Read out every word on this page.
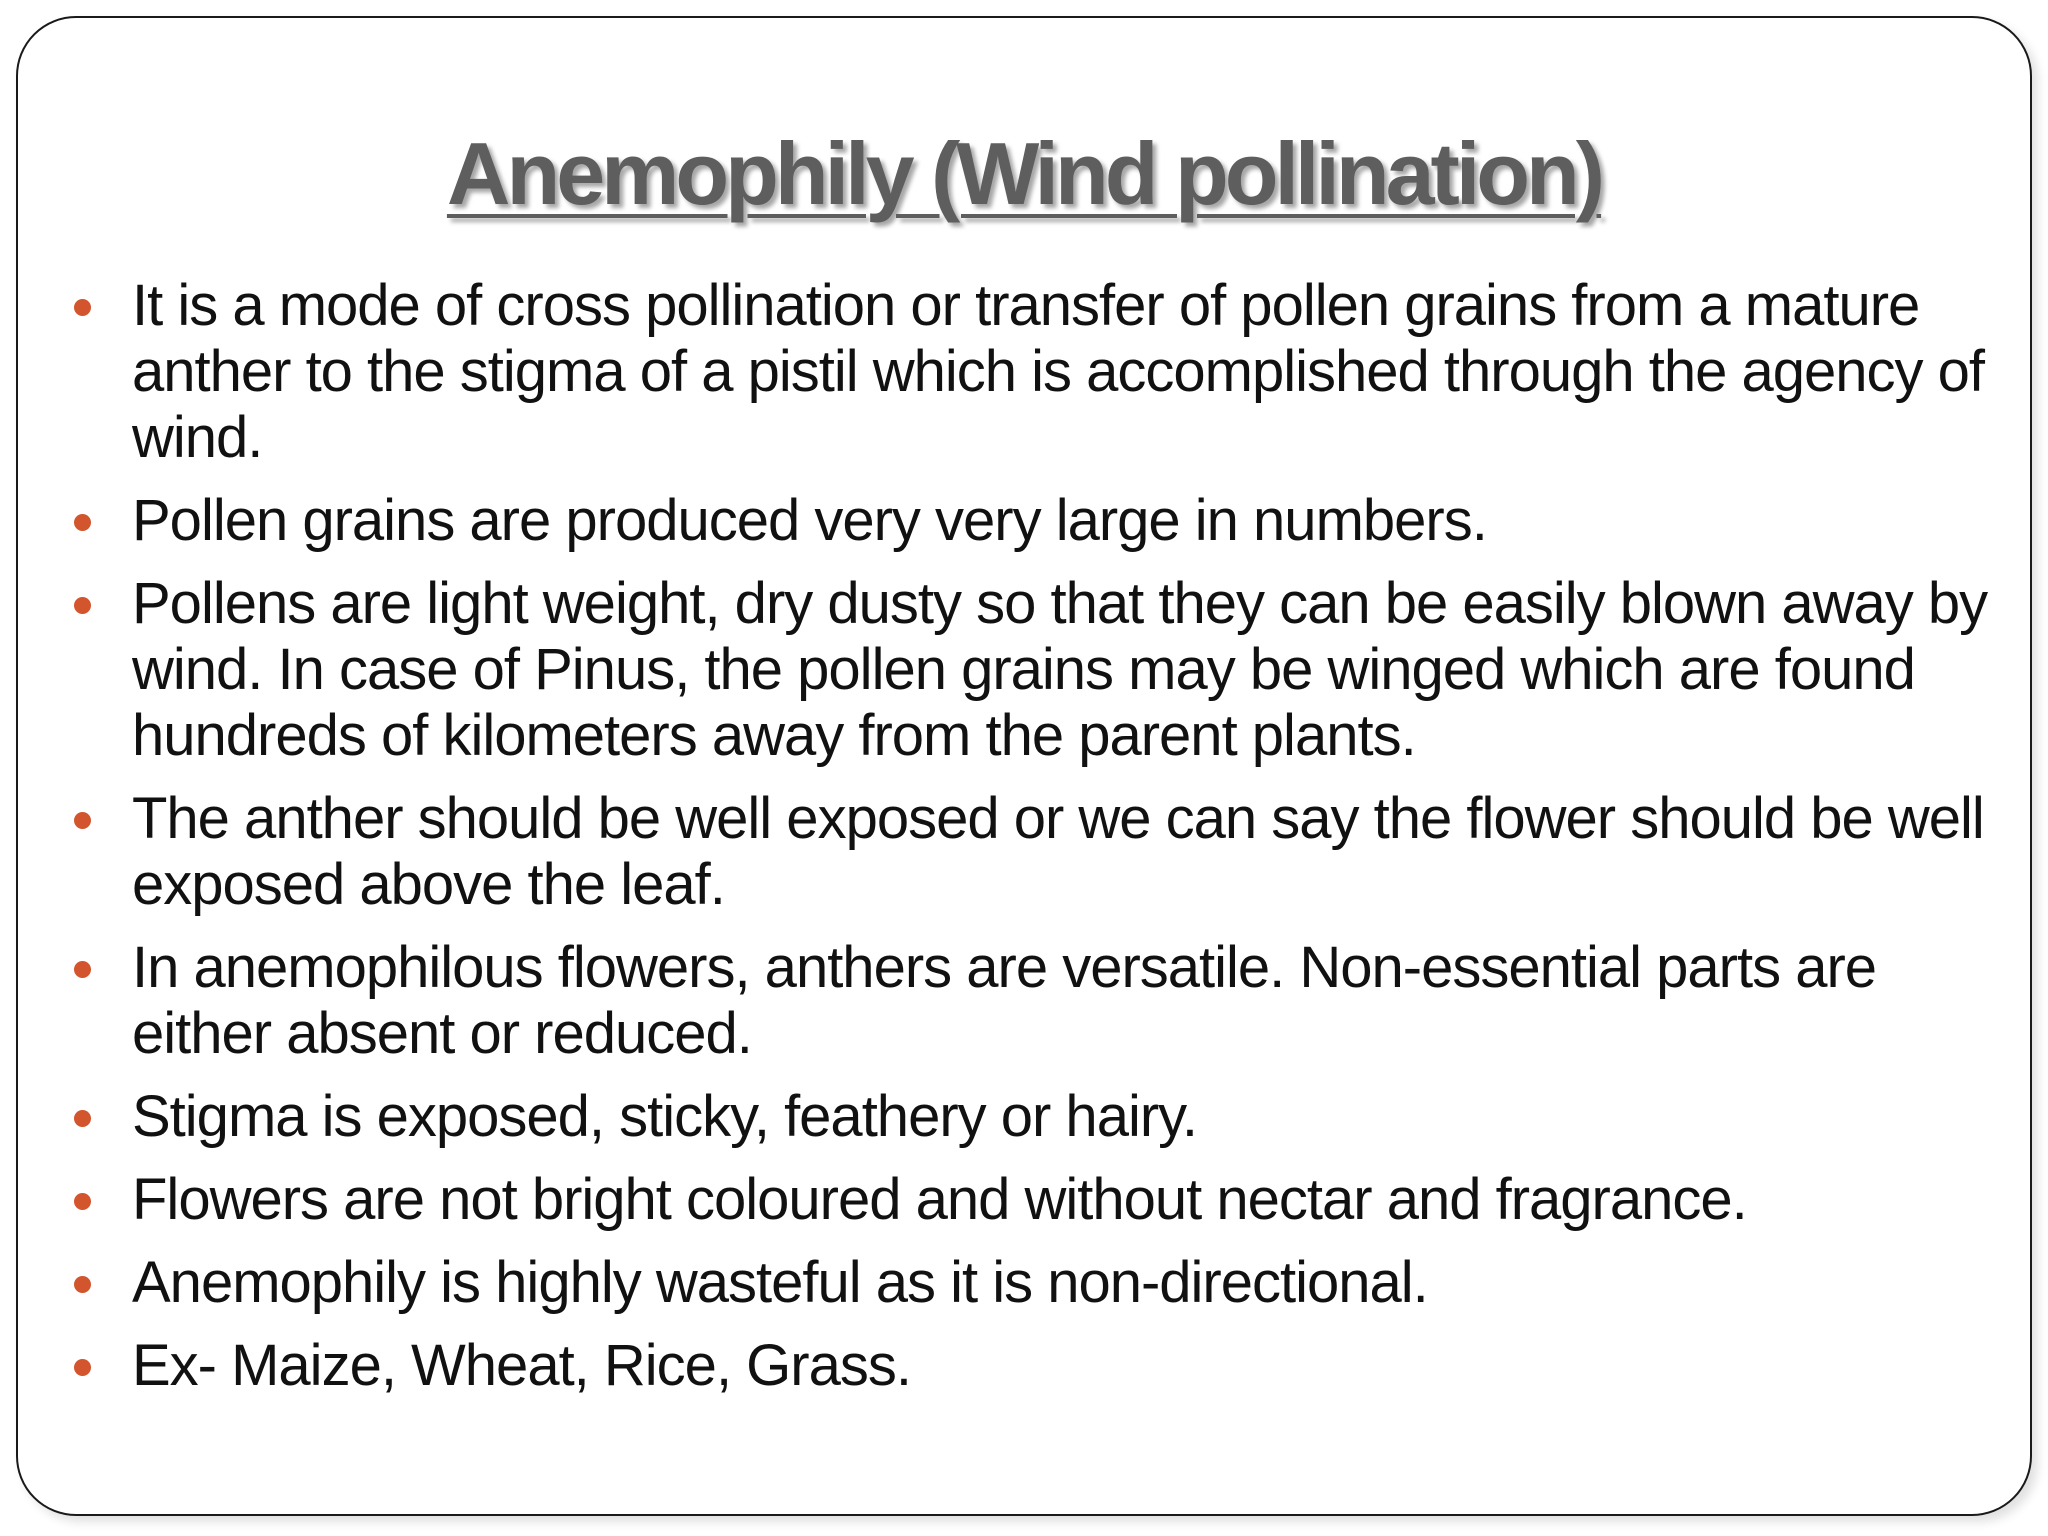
Anemophily (Wind pollination)
It is a mode of cross pollination or transfer of pollen grains from a mature anther to the stigma of a pistil which is accomplished through the agency of wind.
Pollen grains are produced very very large in numbers.
Pollens are light weight, dry dusty so that they can be easily blown away by wind. In case of Pinus, the pollen grains may be winged which are found hundreds of kilometers away from the parent plants.
The anther should be well exposed or we can say the flower should be well exposed above the leaf.
In anemophilous flowers, anthers are versatile. Non-essential parts are either absent or reduced.
Stigma is exposed, sticky, feathery or hairy.
Flowers are not bright coloured and without nectar and fragrance.
Anemophily is highly wasteful as it is non-directional.
Ex- Maize, Wheat, Rice, Grass.
